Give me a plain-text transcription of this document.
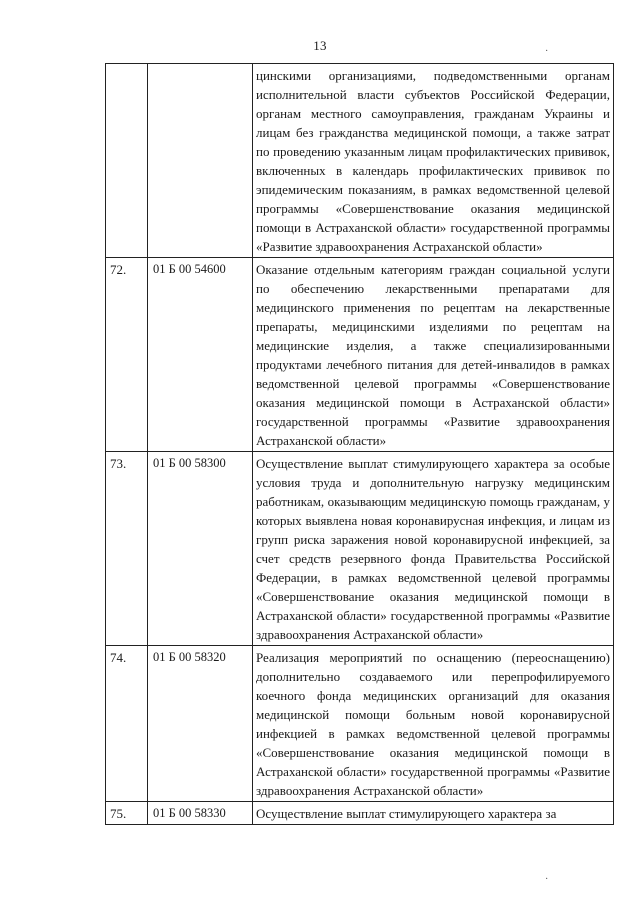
13
		цинскими организациями, подведомственными органам исполнительной власти субъектов Российской Федерации, органам местного самоуправления, гражданам Украины и лицам без гражданства медицинской помощи, а также затрат по проведению указанным лицам профилактических прививок, включенных в календарь профилактических прививок по эпидемическим показаниям, в рамках ведомственной целевой программы «Совершенствование оказания медицинской помощи в Астраханской области» государственной программы «Развитие здравоохранения Астраханской области»
72.	01 Б 00 54600	Оказание отдельным категориям граждан социальной услуги по обеспечению лекарственными препаратами для медицинского применения по рецептам на лекарственные препараты, медицинскими изделиями по рецептам на медицинские изделия, а также специализированными продуктами лечебного питания для детей-инвалидов в рамках ведомственной целевой программы «Совершенствование оказания медицинской помощи в Астраханской области» государственной программы «Развитие здравоохранения Астраханской области»
73.	01 Б 00 58300	Осуществление выплат стимулирующего характера за особые условия труда и дополнительную нагрузку медицинским работникам, оказывающим медицинскую помощь гражданам, у которых выявлена новая коронавирусная инфекция, и лицам из групп риска заражения новой коронавирусной инфекцией, за счет средств резервного фонда Правительства Российской Федерации, в рамках ведомственной целевой программы «Совершенствование оказания медицинской помощи в Астраханской области» государственной программы «Развитие здравоохранения Астраханской области»
74.	01 Б 00 58320	Реализация мероприятий по оснащению (переоснащению) дополнительно создаваемого или перепрофилируемого коечного фонда медицинских организаций для оказания медицинской помощи больным новой коронавирусной инфекцией в рамках ведомственной целевой программы «Совершенствование оказания медицинской помощи в Астраханской области» государственной программы «Развитие здравоохранения Астраханской области»
75.	01 Б 00 58330	Осуществление выплат стимулирующего характера за
·
·
